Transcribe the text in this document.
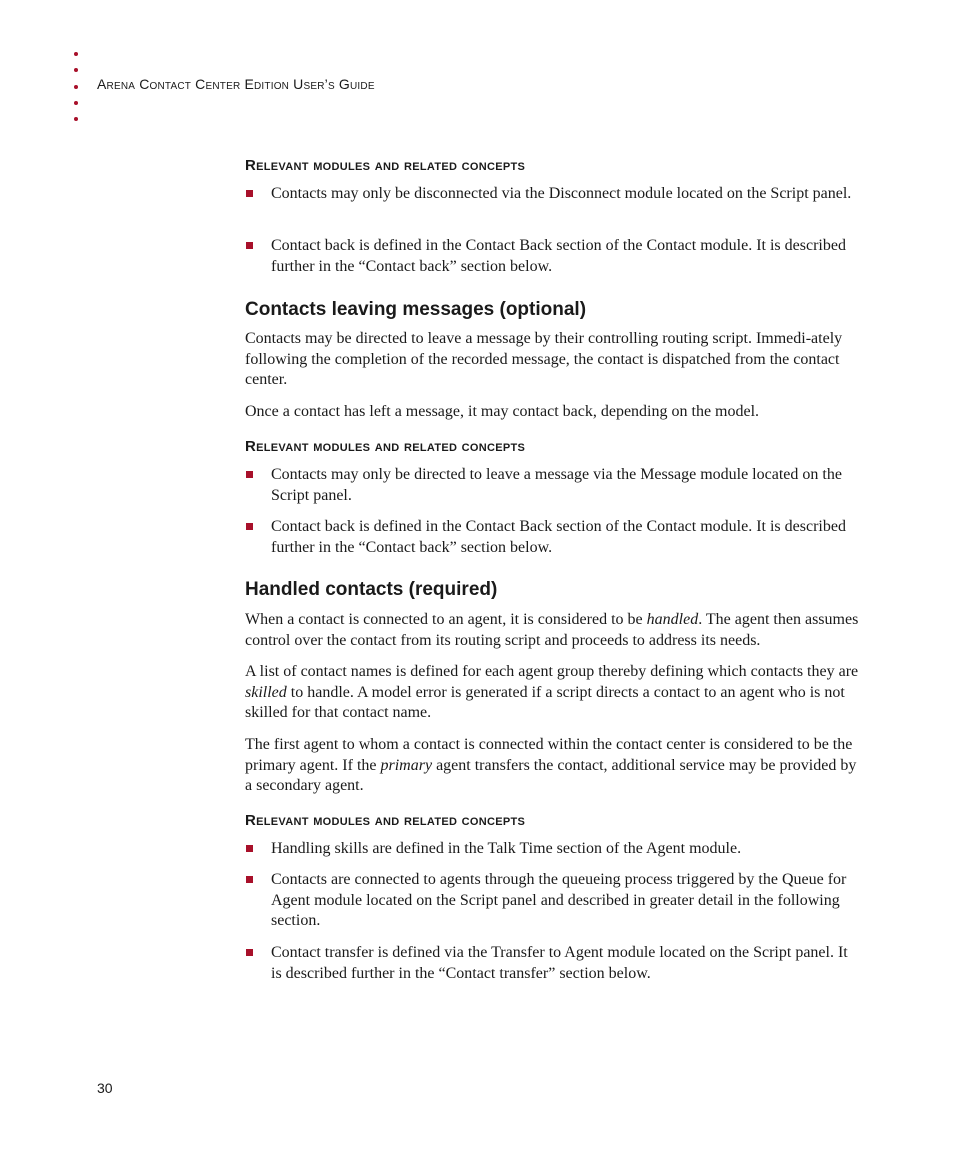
Arena Contact Center Edition User’s Guide
Relevant modules and related concepts
Contacts may only be disconnected via the Disconnect module located on the Script panel.
Contact back is defined in the Contact Back section of the Contact module. It is described further in the “Contact back” section below.
Contacts leaving messages (optional)

Contacts may be directed to leave a message by their controlling routing script. Immedi-ately following the completion of the recorded message, the contact is dispatched from the contact center.

Once a contact has left a message, it may contact back, depending on the model.

Relevant modules and related concepts
Contacts may only be directed to leave a message via the Message module located on the Script panel.
Contact back is defined in the Contact Back section of the Contact module. It is described further in the “Contact back” section below.
Handled contacts (required)

When a contact is connected to an agent, it is considered to be handled. The agent then assumes control over the contact from its routing script and proceeds to address its needs.

A list of contact names is defined for each agent group thereby defining which contacts they are skilled to handle. A model error is generated if a script directs a contact to an agent who is not skilled for that contact name.

The first agent to whom a contact is connected within the contact center is considered to be the primary agent. If the primary agent transfers the contact, additional service may be provided by a secondary agent.

Relevant modules and related concepts
Handling skills are defined in the Talk Time section of the Agent module.
Contacts are connected to agents through the queueing process triggered by the Queue for Agent module located on the Script panel and described in greater detail in the following section.
Contact transfer is defined via the Transfer to Agent module located on the Script panel. It is described further in the “Contact transfer” section below.
30
